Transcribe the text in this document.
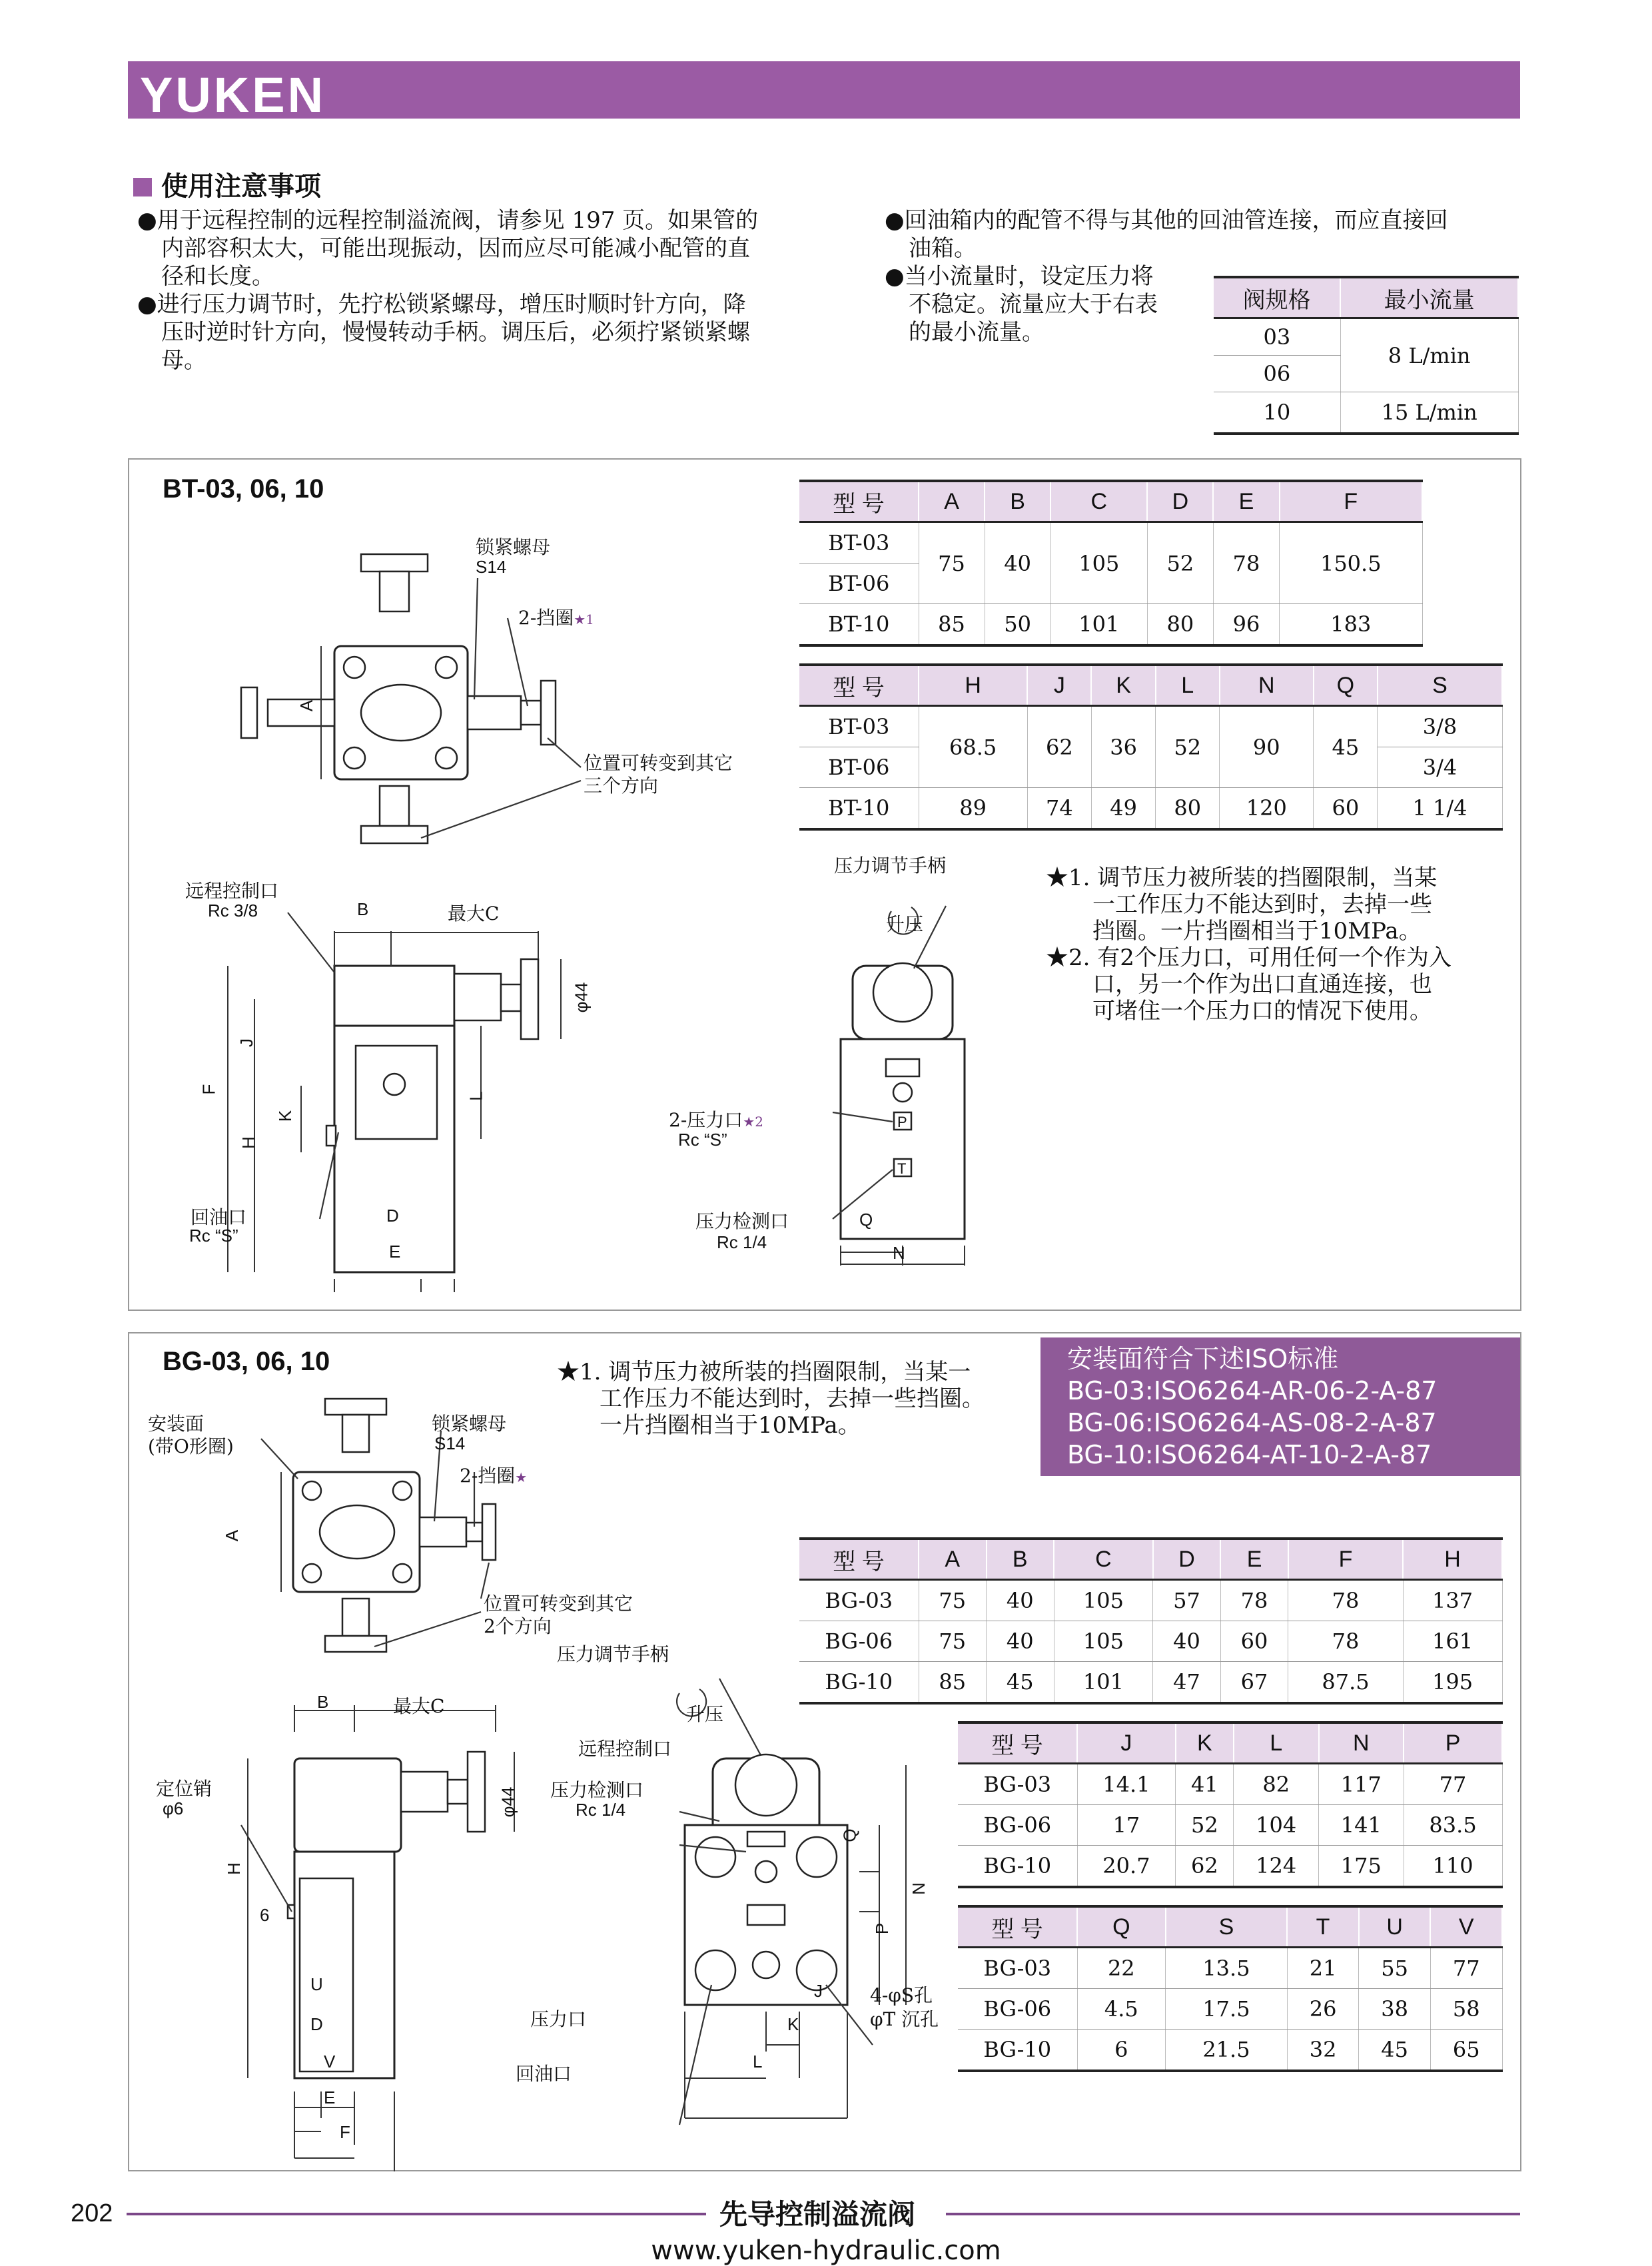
YUKEN
使用注意事项
●用于远程控制的远程控制溢流阀，请参见 197 页。如果管的
内部容积太大，可能出现振动，因而应尽可能减小配管的直
径和长度。
●进行压力调节时，先拧松锁紧螺母，增压时顺时针方向，降
压时逆时针方向，慢慢转动手柄。调压后，必须拧紧锁紧螺
母。
●回油箱内的配管不得与其他的回油管连接，而应直接回
油箱。
●当小流量时，设定压力将
不稳定。流量应大于右表
的最小流量。
阀规格	最小流量
03	8 L/min
06	
10	15 L/min
BT-03, 06, 10
型 号	A	B	C	D	E	F
BT-03	75	40	105	52	78	150.5
BT-06						
BT-10	85	50	101	80	96	183
型 号	H	J	K	L	N	Q	S
BT-03	68.5	62	36	52	90	45	3/8
BT-06							3/4
BT-10	89	74	49	80	120	60	1 1/4
锁紧螺母
S14
2-挡圈★1
位置可转变到其它
三个方向
A
远程控制口
Rc 3/8	B	最大C
φ44
F
J
H
K
L
D
E
回油口
Rc “S”
P
T
压力调节手柄
升压
2-压力口★2
Rc “S”
压力检测口
Rc 1/4
Q
N
★1. 调节压力被所装的挡圈限制，当某
一工作压力不能达到时，去掉一些
挡圈。一片挡圈相当于10MPa。
★2. 有2个压力口，可用任何一个作为入
口，另一个作为出口直通连接，也
可堵住一个压力口的情况下使用。
BG-03, 06, 10	★1. 调节压力被所装的挡圈限制，当某一
工作压力不能达到时，去掉一些挡圈。
一片挡圈相当于10MPa。
安装面符合下述ISO标准
BG-03:ISO6264-AR-06-2-A-87
BG-06:ISO6264-AS-08-2-A-87
BG-10:ISO6264-AT-10-2-A-87
型 号	A	B	C	D	E	F	H
BG-03	75	40	105	57	78	78	137
BG-06	75	40	105	40	60	78	161
BG-10	85	45	101	47	67	87.5	195
型 号	J	K	L	N	P
BG-03	14.1	41	82	117	77
BG-06	17	52	104	141	83.5
BG-10	20.7	62	124	175	110
型 号	Q	S	T	U	V
BG-03	22	13.5	21	55	77
BG-06	4.5	17.5	26	38	58
BG-10	6	21.5	32	45	65
安装面
(带O形圈)
锁紧螺母
S14
2-挡圈★
A
位置可转变到其它
2个方向
B	最大C
φ44
定位销
φ6
H
6
U
D
V
E
F
压力调节手柄
升压
远程控制口
压力检测口
Rc 1/4
Q
N
P
4-φS孔
φT 沉孔
J
K
L
压力口
回油口
202	先导控制溢流阀
www.yuken-hydraulic.com
